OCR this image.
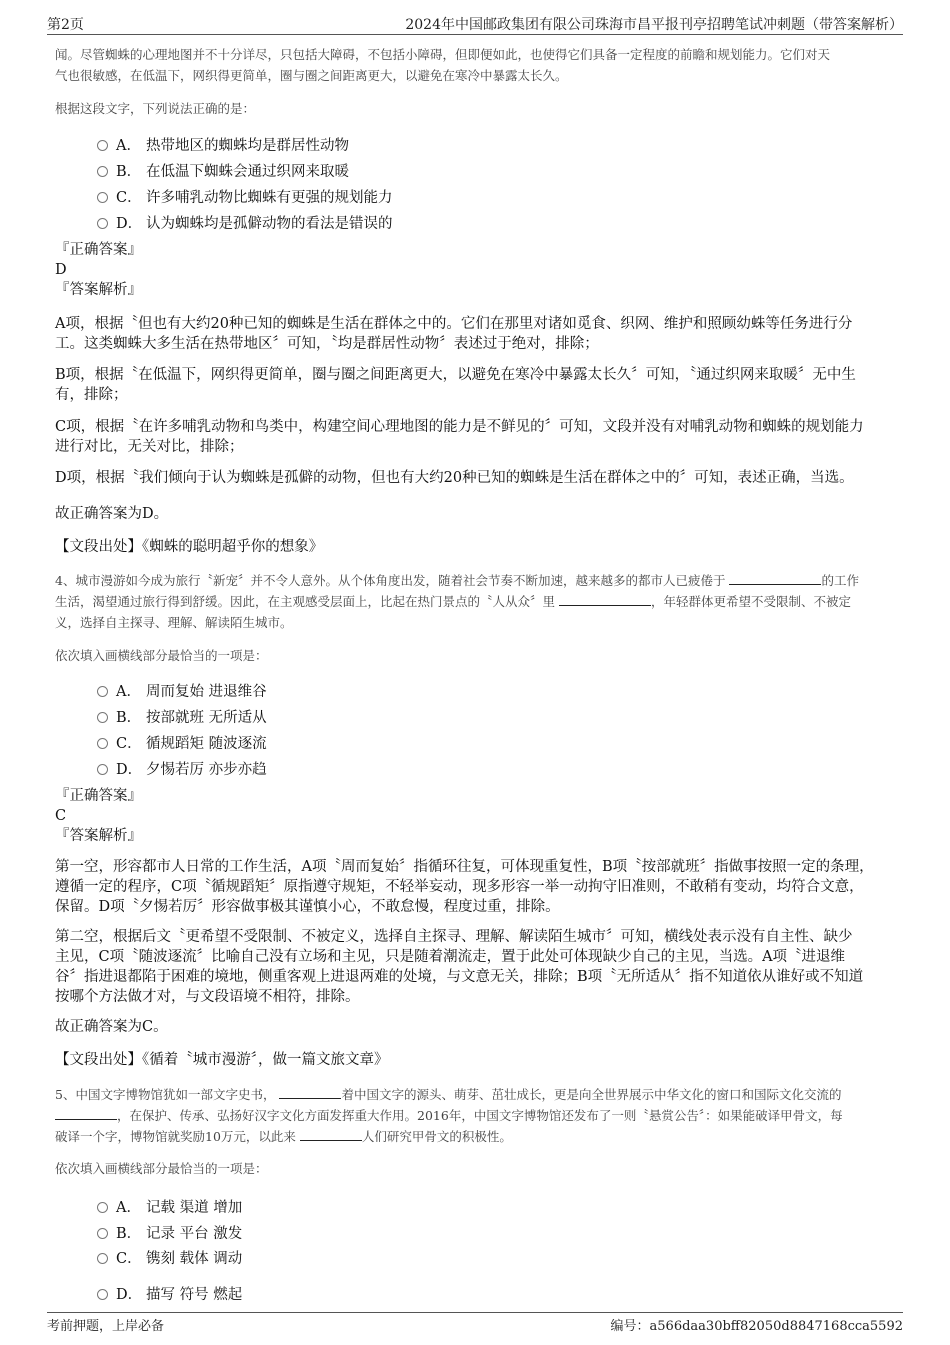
第2页	2024年中国邮政集团有限公司珠海市昌平报刊亭招聘笔试冲刺题（带答案解析）
闻。尽管蜘蛛的心理地图并不十分详尽，只包括大障碍，不包括小障碍，但即便如此，也使得它们具备一定程度的前瞻和规划能力。它们对天
气也很敏感，在低温下，网织得更简单，圈与圈之间距离更大，以避免在寒冷中暴露太长久。
根据这段文字，下列说法正确的是：
A． 热带地区的蜘蛛均是群居性动物
B． 在低温下蜘蛛会通过织网来取暖
C． 许多哺乳动物比蜘蛛有更强的规划能力
D． 认为蜘蛛均是孤僻动物的看法是错误的
『正确答案』
D
『答案解析』
A项，根据〝但也有大约20种已知的蜘蛛是生活在群体之中的。它们在那里对诸如觅食、织网、维护和照顾幼蛛等任务进行分
工。这类蜘蛛大多生活在热带地区〞可知，〝均是群居性动物〞表述过于绝对，排除；
B项，根据〝在低温下，网织得更简单，圈与圈之间距离更大，以避免在寒冷中暴露太长久〞可知，〝通过织网来取暖〞无中生
有，排除；
C项，根据〝在许多哺乳动物和鸟类中，构建空间心理地图的能力是不鲜见的〞可知，文段并没有对哺乳动物和蜘蛛的规划能力
进行对比，无关对比，排除；
D项，根据〝我们倾向于认为蜘蛛是孤僻的动物，但也有大约20种已知的蜘蛛是生活在群体之中的〞可知，表述正确，当选。
故正确答案为D。
【文段出处】《蜘蛛的聪明超乎你的想象》
4、城市漫游如今成为旅行〝新宠〞并不令人意外。从个体角度出发，随着社会节奏不断加速，越来越多的都市人已疲倦于	的工作
生活，渴望通过旅行得到舒缓。因此，在主观感受层面上，比起在热门景点的〝人从众〞里	，年轻群体更希望不受限制、不被定
义，选择自主探寻、理解、解读陌生城市。
依次填入画横线部分最恰当的一项是：
A． 周而复始 进退维谷
B． 按部就班 无所适从
C． 循规蹈矩 随波逐流
D． 夕惕若厉 亦步亦趋
『正确答案』
C
『答案解析』
第一空，形容都市人日常的工作生活，A项〝周而复始〞指循环往复，可体现重复性，B项〝按部就班〞指做事按照一定的条理，
遵循一定的程序，C项〝循规蹈矩〞原指遵守规矩，不轻举妄动，现多形容一举一动拘守旧准则，不敢稍有变动，均符合文意，
保留。D项〝夕惕若厉〞形容做事极其谨慎小心，不敢怠慢，程度过重，排除。
第二空，根据后文〝更希望不受限制、不被定义，选择自主探寻、理解、解读陌生城市〞可知，横线处表示没有自主性、缺少
主见，C项〝随波逐流〞比喻自己没有立场和主见，只是随着潮流走，置于此处可体现缺少自己的主见，当选。A项〝进退维
谷〞指进退都陷于困难的境地，侧重客观上进退两难的处境，与文意无关，排除；B项〝无所适从〞指不知道依从谁好或不知道
按哪个方法做才对，与文段语境不相符，排除。
故正确答案为C。
【文段出处】《循着〝城市漫游〞，做一篇文旅文章》
5、中国文字博物馆犹如一部文字史书，	着中国文字的源头、萌芽、茁壮成长，更是向全世界展示中华文化的窗口和国际文化交流的
，在保护、传承、弘扬好汉字文化方面发挥重大作用。2016年，中国文字博物馆还发布了一则〝悬赏公告〞：如果能破译甲骨文，每
破译一个字，博物馆就奖励10万元，以此来	人们研究甲骨文的积极性。
依次填入画横线部分最恰当的一项是：
A． 记载 渠道 增加
B． 记录 平台 激发
C． 镌刻 载体 调动
D． 描写 符号 燃起
考前押题，上岸必备	编号：a566daa30bff82050d8847168cca5592
